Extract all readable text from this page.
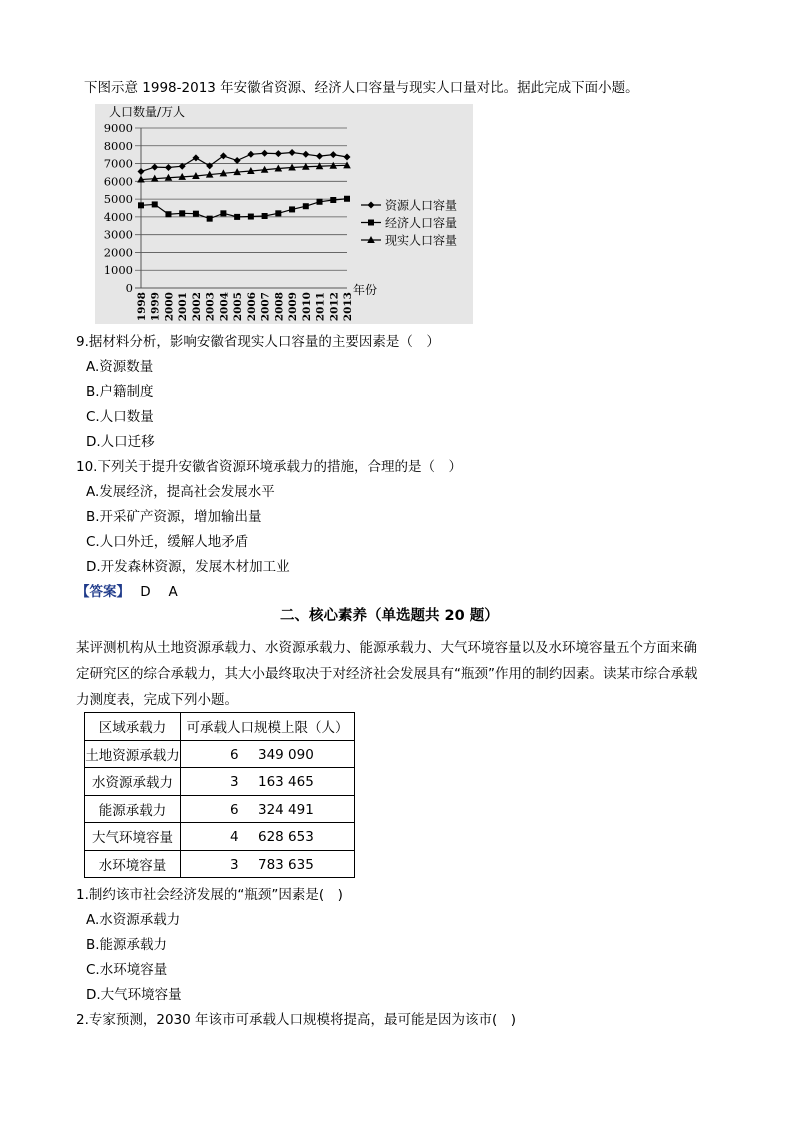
下图示意 1998-2013 年安徽省资源、经济人口容量与现实人口量对比。据此完成下面小题。
0
1000
2000
3000
4000
5000
6000
7000
8000
9000
1998 1999 2000 2001 2002 2003 2004 2005 2006 2007 2008 2009 2010 2011 2012 2013
资源人口容量
经济人口容量
现实人口容量
人口数量/万人
年份
9.据材料分析，影响安徽省现实人口容量的主要因素是（　）
A.资源数量
B.户籍制度
C.人口数量
D.人口迁移
10.下列关于提升安徽省资源环境承载力的措施，合理的是（　）
A.发展经济，提高社会发展水平
B.开采矿产资源，增加输出量
C.人口外迁，缓解人地矛盾
D.开发森林资源，发展木材加工业
【答案】 D　 A
二、核心素养（单选题共 20 题）
某评测机构从土地资源承载力、水资源承载力、能源承载力、大气环境容量以及水环境容量五个方面来确
定研究区的综合承载力，其大小最终取决于对经济社会发展具有“瓶颈”作用的制约因素。读某市综合承载
力测度表，完成下列小题。
区域承载力	可承载人口规模上限（人）
土地资源承载力	6 349 090

水资源承载力	3 163 465

能源承载力	6 324 491

大气环境容量	4 628 653

水环境容量	3 783 635
1.制约该市社会经济发展的“瓶颈”因素是(　)
A.水资源承载力
B.能源承载力
C.水环境容量
D.大气环境容量
2.专家预测，2030 年该市可承载人口规模将提高，最可能是因为该市(　)
